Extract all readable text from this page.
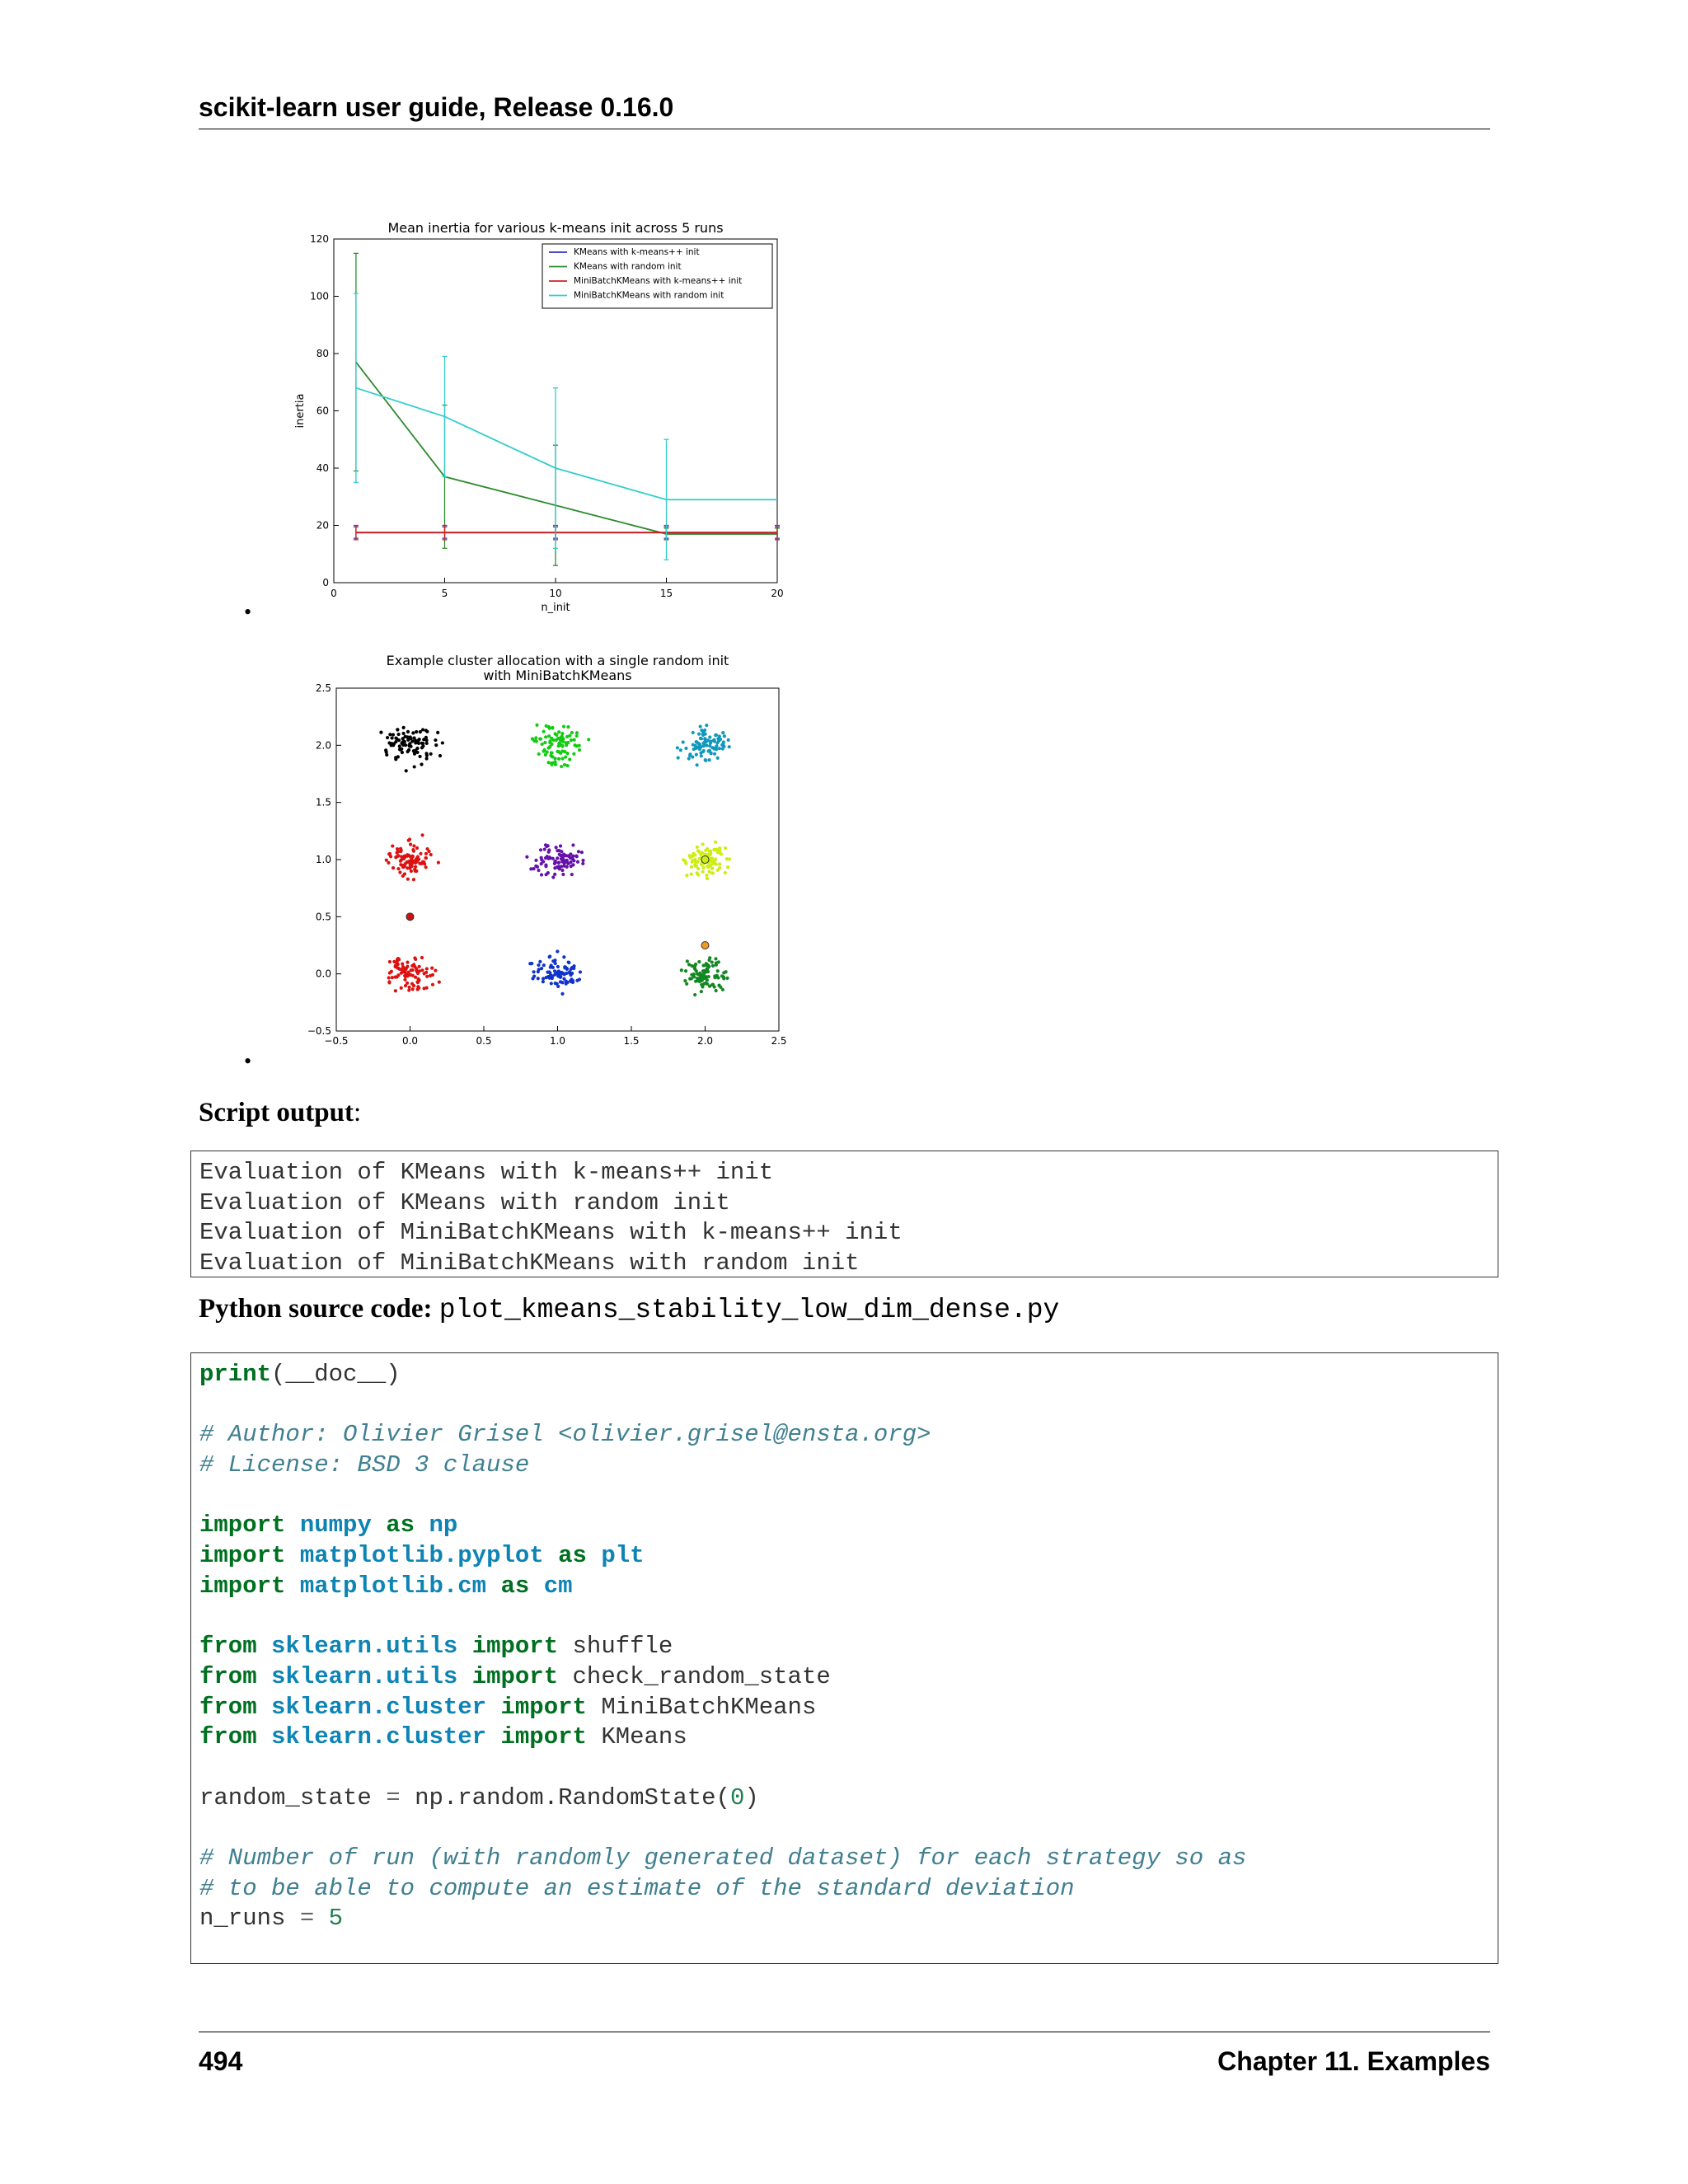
scikit-learn user guide, Release 0.16.0
Mean inertia for various k-means init across 5 runs
0	5	10	15	20
0
20
40
60
80
100
120
n_init
inertia
KMeans with k-means++ init
KMeans with random init
MiniBatchKMeans with k-means++ init
MiniBatchKMeans with random init
•
Example cluster allocation with a single random init
with MiniBatchKMeans
−0.5	0.0	0.5	1.0	1.5	2.0	2.5
−0.5
0.0
0.5
1.0
1.5
2.0
2.5
•
Script output:
Evaluation of KMeans with k-means++ init
Evaluation of KMeans with random init
Evaluation of MiniBatchKMeans with k-means++ init
Evaluation of MiniBatchKMeans with random init
Python source code: plot_kmeans_stability_low_dim_dense.py
print(__doc__)
# Author: Olivier Grisel <olivier.grisel@ensta.org>
# License: BSD 3 clause
import numpy as np
import matplotlib.pyplot as plt
import matplotlib.cm as cm
from sklearn.utils import shuffle
from sklearn.utils import check_random_state
from sklearn.cluster import MiniBatchKMeans
from sklearn.cluster import KMeans
random_state = np.random.RandomState(0)
# Number of run (with randomly generated dataset) for each strategy so as
# to be able to compute an estimate of the standard deviation
n_runs = 5
494	Chapter 11. Examples
